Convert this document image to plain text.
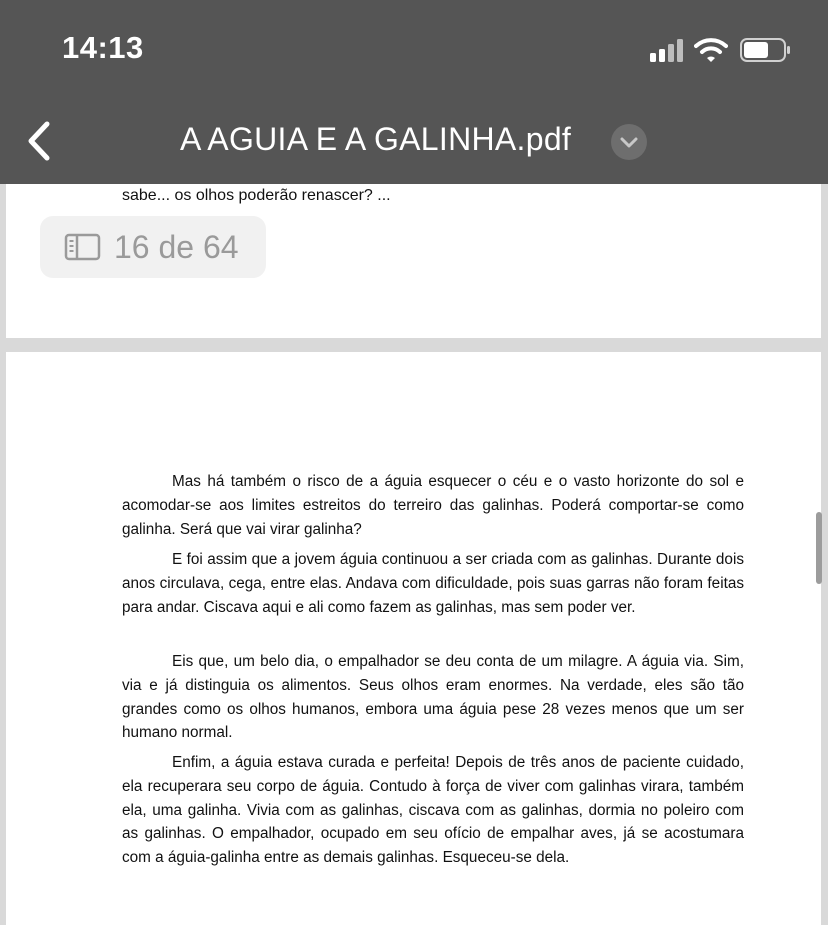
14:13
A AGUIA E A GALINHA.pdf
sabe... os olhos poderão renascer? ...
16 de 64

Mas há também o risco de a águia esquecer o céu e o vasto horizonte do sol e acomodar-se aos limites estreitos do terreiro das galinhas. Poderá comportar-se como galinha. Será que vai virar galinha?

E foi assim que a jovem águia continuou a ser criada com as galinhas. Durante dois anos circulava, cega, entre elas. Andava com dificuldade, pois suas garras não foram feitas para andar. Ciscava aqui e ali como fazem as galinhas, mas sem poder ver.

Eis que, um belo dia, o empalhador se deu conta de um milagre. A águia via. Sim, via e já distinguia os alimentos. Seus olhos eram enormes. Na verdade, eles são tão grandes como os olhos humanos, embora uma águia pese 28 vezes menos que um ser humano normal.

Enfim, a águia estava curada e perfeita! Depois de três anos de paciente cuidado, ela recuperara seu corpo de águia. Contudo à força de viver com galinhas virara, também ela, uma galinha. Vivia com as galinhas, ciscava com as galinhas, dormia no poleiro com as galinhas. O empalhador, ocupado em seu ofício de empalhar aves, já se acostumara com a águia-galinha entre as demais galinhas. Esqueceu-se dela.
